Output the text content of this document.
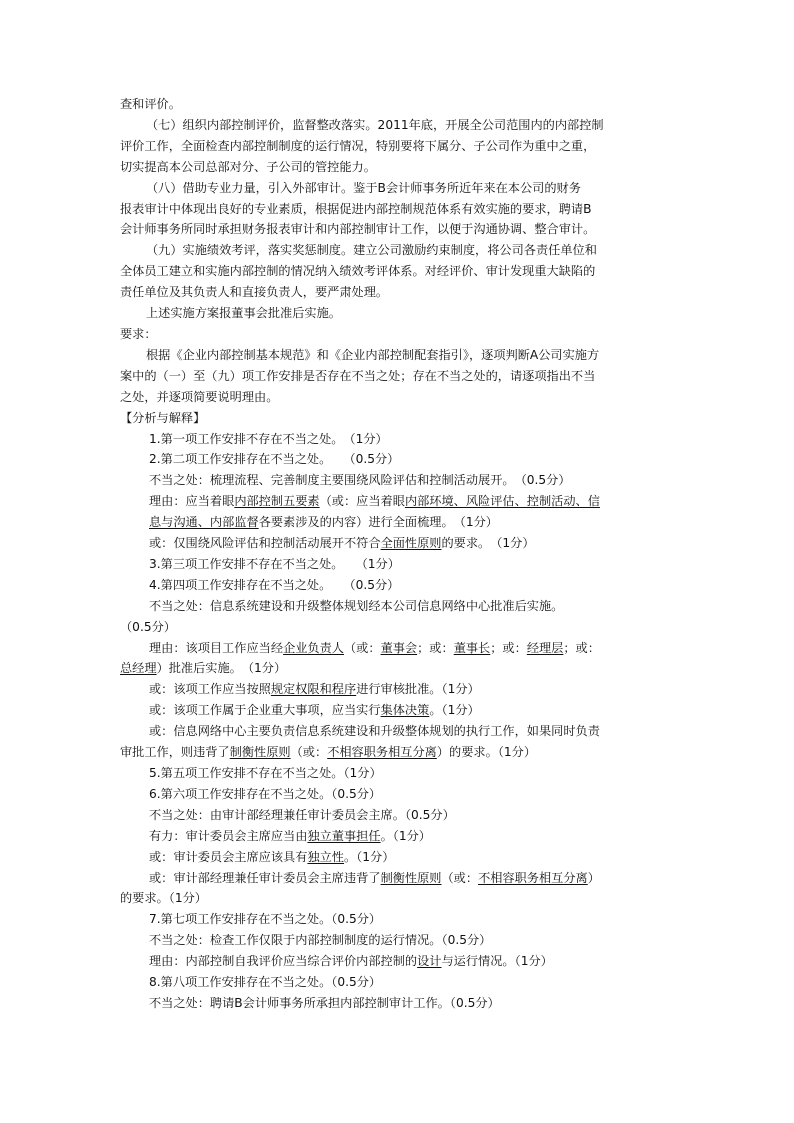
查和评价。

（七）组织内部控制评价，监督整改落实。2011年底，开展全公司范围内的内部控制

评价工作，全面检查内部控制制度的运行情况，特别要将下属分、子公司作为重中之重，

切实提高本公司总部对分、子公司的管控能力。

（八）借助专业力量，引入外部审计。鉴于B会计师事务所近年来在本公司的财务

报表审计中体现出良好的专业素质，根据促进内部控制规范体系有效实施的要求，聘请B

会计师事务所同时承担财务报表审计和内部控制审计工作，以便于沟通协调、整合审计。

（九）实施绩效考评，落实奖惩制度。建立公司激励约束制度，将公司各责任单位和

全体员工建立和实施内部控制的情况纳入绩效考评体系。对经评价、审计发现重大缺陷的

责任单位及其负责人和直接负责人，要严肃处理。

上述实施方案报董事会批准后实施。

要求：

根据《企业内部控制基本规范》和《企业内部控制配套指引》，逐项判断A公司实施方

案中的（一）至（九）项工作安排是否存在不当之处；存在不当之处的，请逐项指出不当

之处，并逐项简要说明理由。

【分析与解释】

1.第一项工作安排不存在不当之处。　（1分）

2.第二项工作安排存在不当之处。　　（0.5分）

不当之处：梳理流程、完善制度主要围绕风险评估和控制活动展开。　（0.5分）

理由：应当着眼内部控制五要素（或：应当着眼内部环境、风险评估、控制活动、信

息与沟通、内部监督各要素涉及的内容）进行全面梳理。　（1分）

或：仅围绕风险评估和控制活动展开不符合全面性原则的要求。　（1分）

3.第三项工作安排不存在不当之处。　　（1分）

4.第四项工作安排存在不当之处。　　（0.5分）

不当之处：信息系统建设和升级整体规划经本公司信息网络中心批准后实施。

（0.5分）

理由：该项目工作应当经企业负责人（或：董事会；或：董事长；或：经理层；或：

总经理）批准后实施。　（1分）

或：该项工作应当按照规定权限和程序进行审核批准。（1分）

或：该项工作属于企业重大事项，应当实行集体决策。（1分）

或：信息网络中心主要负责信息系统建设和升级整体规划的执行工作，如果同时负责

审批工作，则违背了制衡性原则（或：不相容职务相互分离）的要求。（1分）

5.第五项工作安排不存在不当之处。（1分）

6.第六项工作安排存在不当之处。（0.5分）

不当之处：由审计部经理兼任审计委员会主席。（0.5分）

有力：审计委员会主席应当由独立董事担任。（1分）

或：审计委员会主席应该具有独立性。（1分）

或：审计部经理兼任审计委员会主席违背了制衡性原则（或：不相容职务相互分离）

的要求。（1分）

7.第七项工作安排存在不当之处。（0.5分）

不当之处：检查工作仅限于内部控制制度的运行情况。（0.5分）

理由：内部控制自我评价应当综合评价内部控制的设计与运行情况。（1分）

8.第八项工作安排存在不当之处。（0.5分）

不当之处：聘请B会计师事务所承担内部控制审计工作。（0.5分）
